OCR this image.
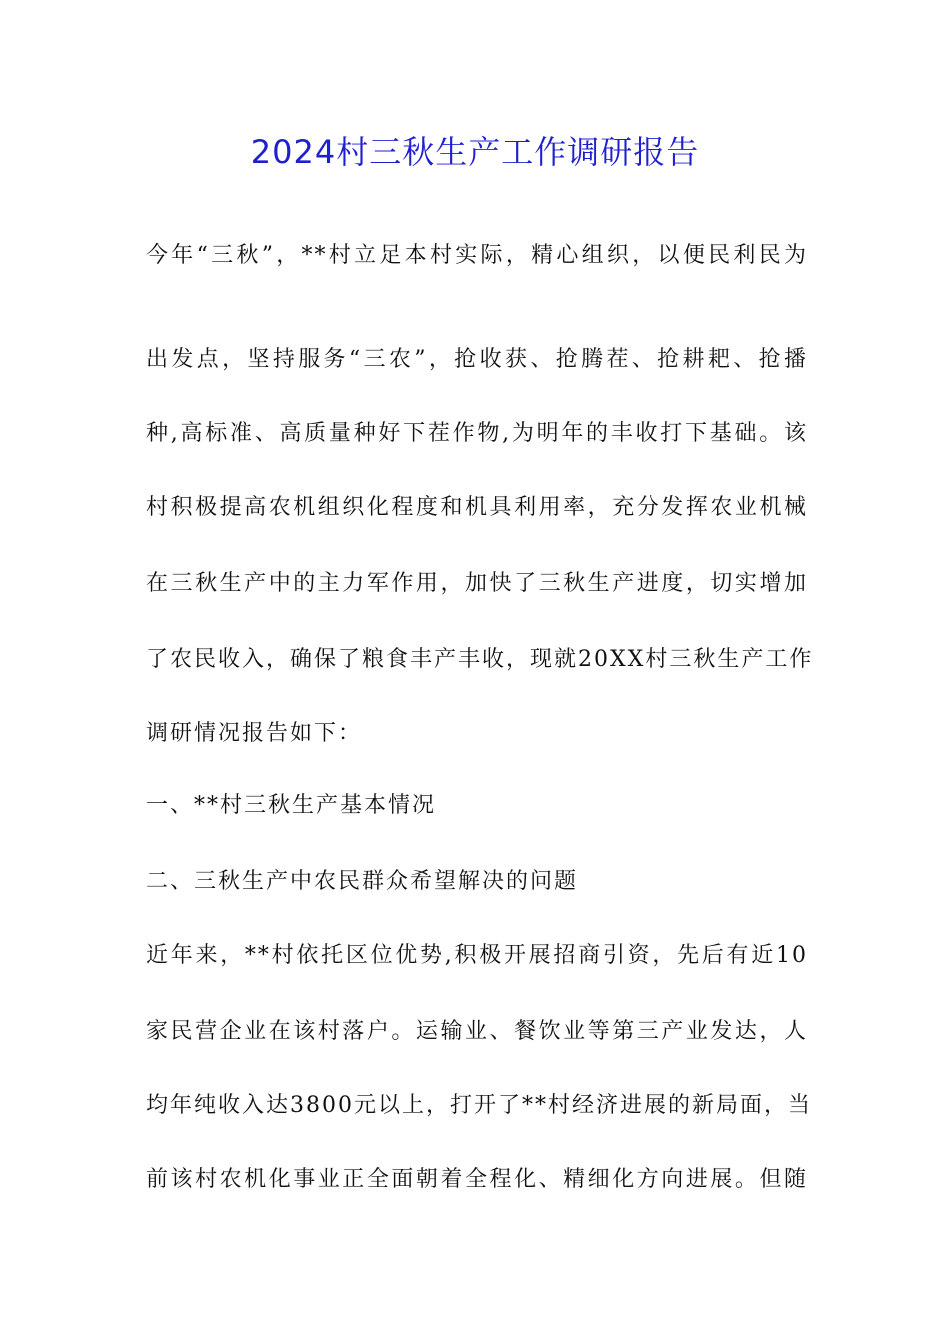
2024村三秋生产工作调研报告
今年“三秋”，**村立足本村实际，精心组织，以便民利民为
出发点，坚持服务“三农”，抢收获、抢腾茬、抢耕耙、抢播
种,高标准、高质量种好下茬作物,为明年的丰收打下基础。该
村积极提高农机组织化程度和机具利用率，充分发挥农业机械
在三秋生产中的主力军作用，加快了三秋生产进度，切实增加
了农民收入，确保了粮食丰产丰收，现就20XX村三秋生产工作
调研情况报告如下：
一、**村三秋生产基本情况
二、三秋生产中农民群众希望解决的问题
近年来，**村依托区位优势,积极开展招商引资，先后有近10
家民营企业在该村落户。运输业、餐饮业等第三产业发达，人
均年纯收入达3800元以上，打开了**村经济进展的新局面，当
前该村农机化事业正全面朝着全程化、精细化方向进展。但随
